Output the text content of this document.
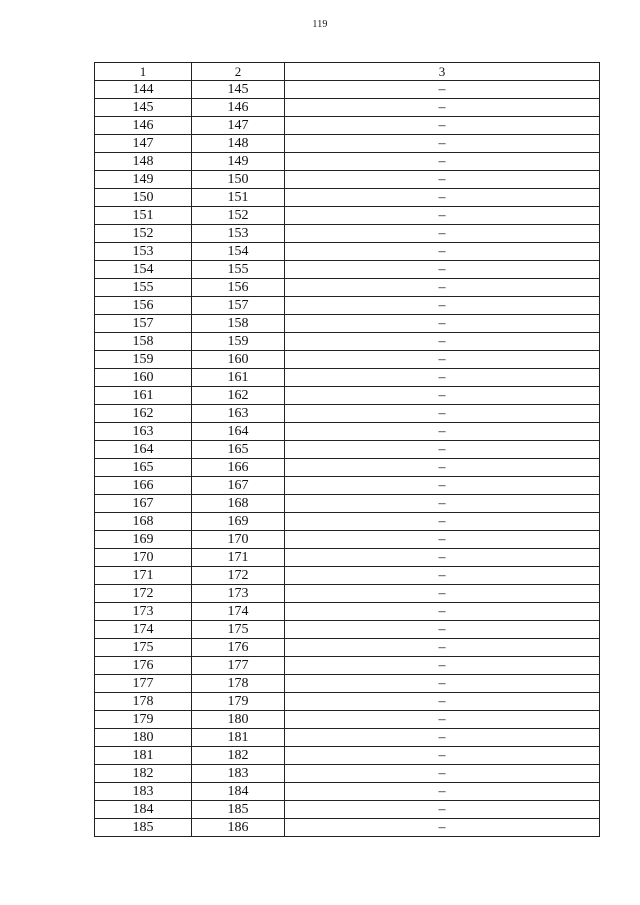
119
1	2	3
144	145	–
145	146	–
146	147	–
147	148	–
148	149	–
149	150	–
150	151	–
151	152	–
152	153	–
153	154	–
154	155	–
155	156	–
156	157	–
157	158	–
158	159	–
159	160	–
160	161	–
161	162	–
162	163	–
163	164	–
164	165	–
165	166	–
166	167	–
167	168	–
168	169	–
169	170	–
170	171	–
171	172	–
172	173	–
173	174	–
174	175	–
175	176	–
176	177	–
177	178	–
178	179	–
179	180	–
180	181	–
181	182	–
182	183	–
183	184	–
184	185	–
185	186	–
